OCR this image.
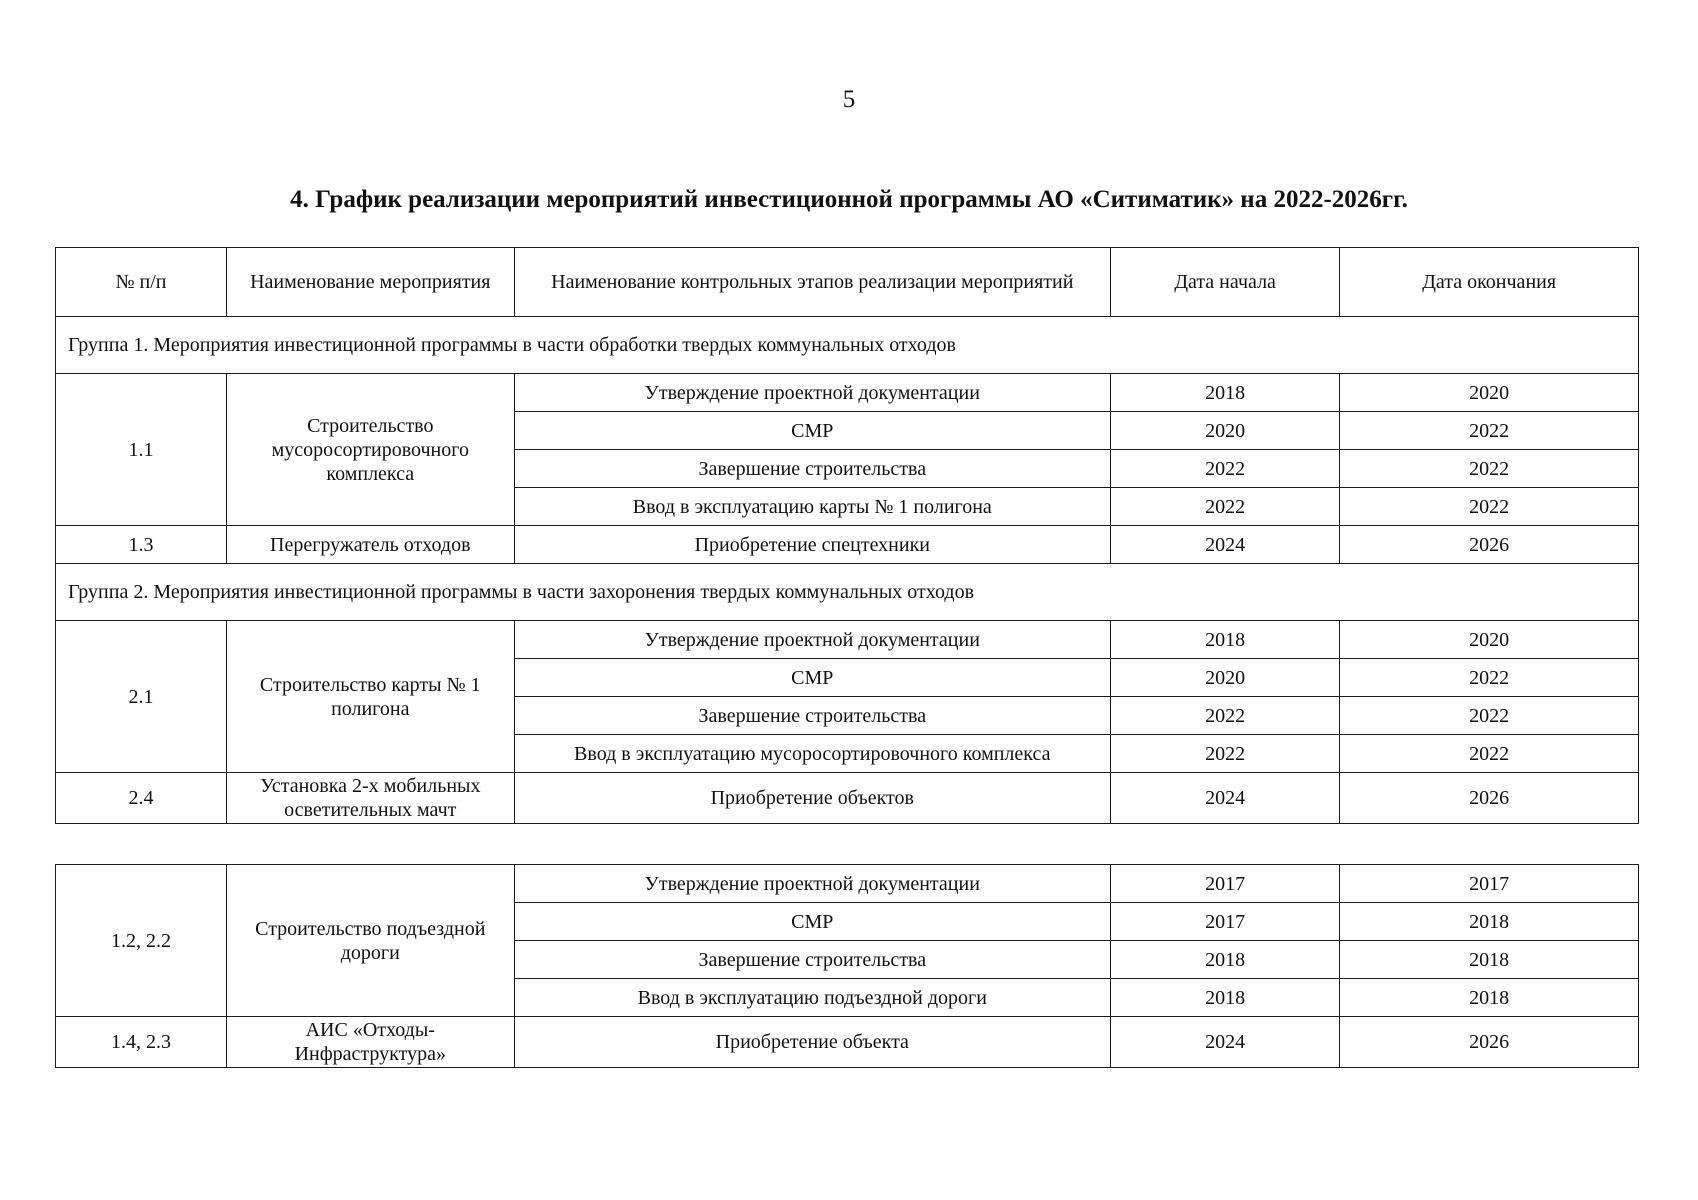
5
4. График реализации мероприятий инвестиционной программы АО «Ситиматик» на 2022-2026гг.
№ п/п	Наименование мероприятия	Наименование контрольных этапов реализации мероприятий	Дата начала	Дата окончания
Группа 1. Мероприятия инвестиционной программы в части обработки твердых коммунальных отходов				
1.1	Строительство мусоросортировочного комплекса	Утверждение проектной документации	2018	2020
		СМР	2020	2022
		Завершение строительства	2022	2022
		Ввод в эксплуатацию карты № 1 полигона	2022	2022
1.3	Перегружатель отходов	Приобретение спецтехники	2024	2026
Группа 2. Мероприятия инвестиционной программы в части захоронения твердых коммунальных отходов				
2.1	Строительство карты № 1 полигона	Утверждение проектной документации	2018	2020
		СМР	2020	2022
		Завершение строительства	2022	2022
		Ввод в эксплуатацию мусоросортировочного комплекса	2022	2022
2.4	Установка 2-х мобильных осветительных мачт	Приобретение объектов	2024	2026
1.2, 2.2	Строительство подъездной дороги	Утверждение проектной документации	2017	2017
		СМР	2017	2018
		Завершение строительства	2018	2018
		Ввод в эксплуатацию подъездной дороги	2018	2018
1.4, 2.3	АИС «Отходы-Инфраструктура»	Приобретение объекта	2024	2026
